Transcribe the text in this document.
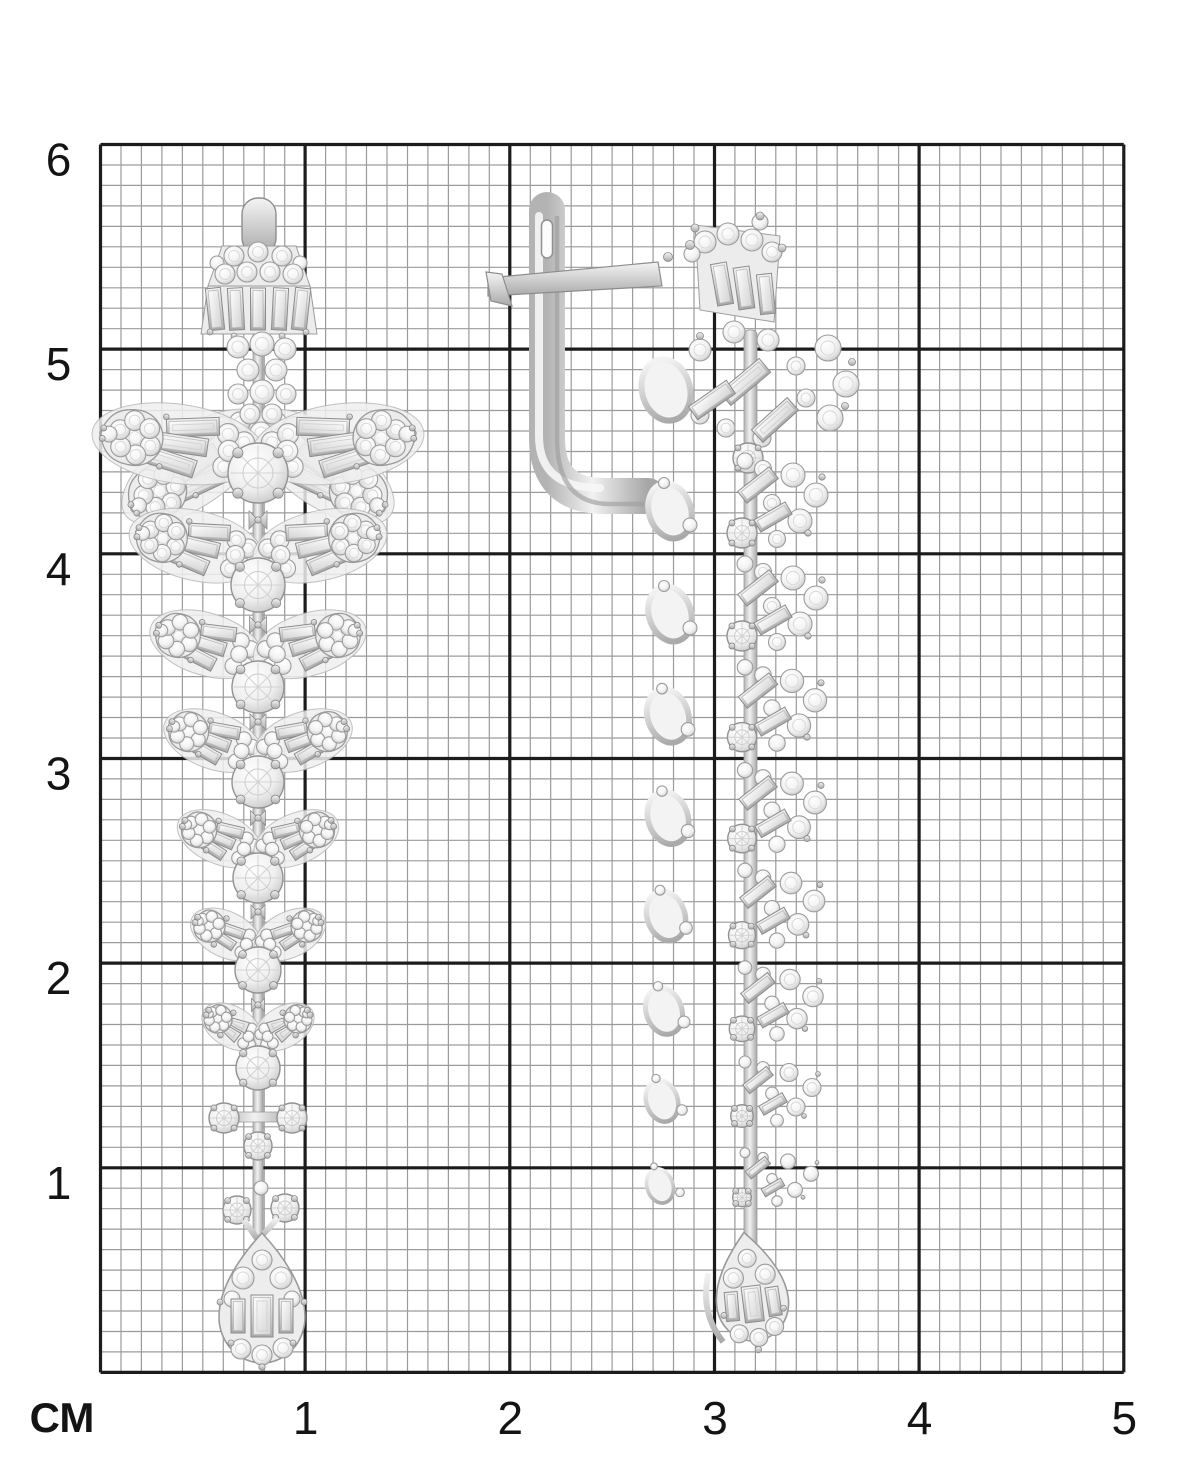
6
5
4
3
2
1
СМ	1	2	3	4	5
